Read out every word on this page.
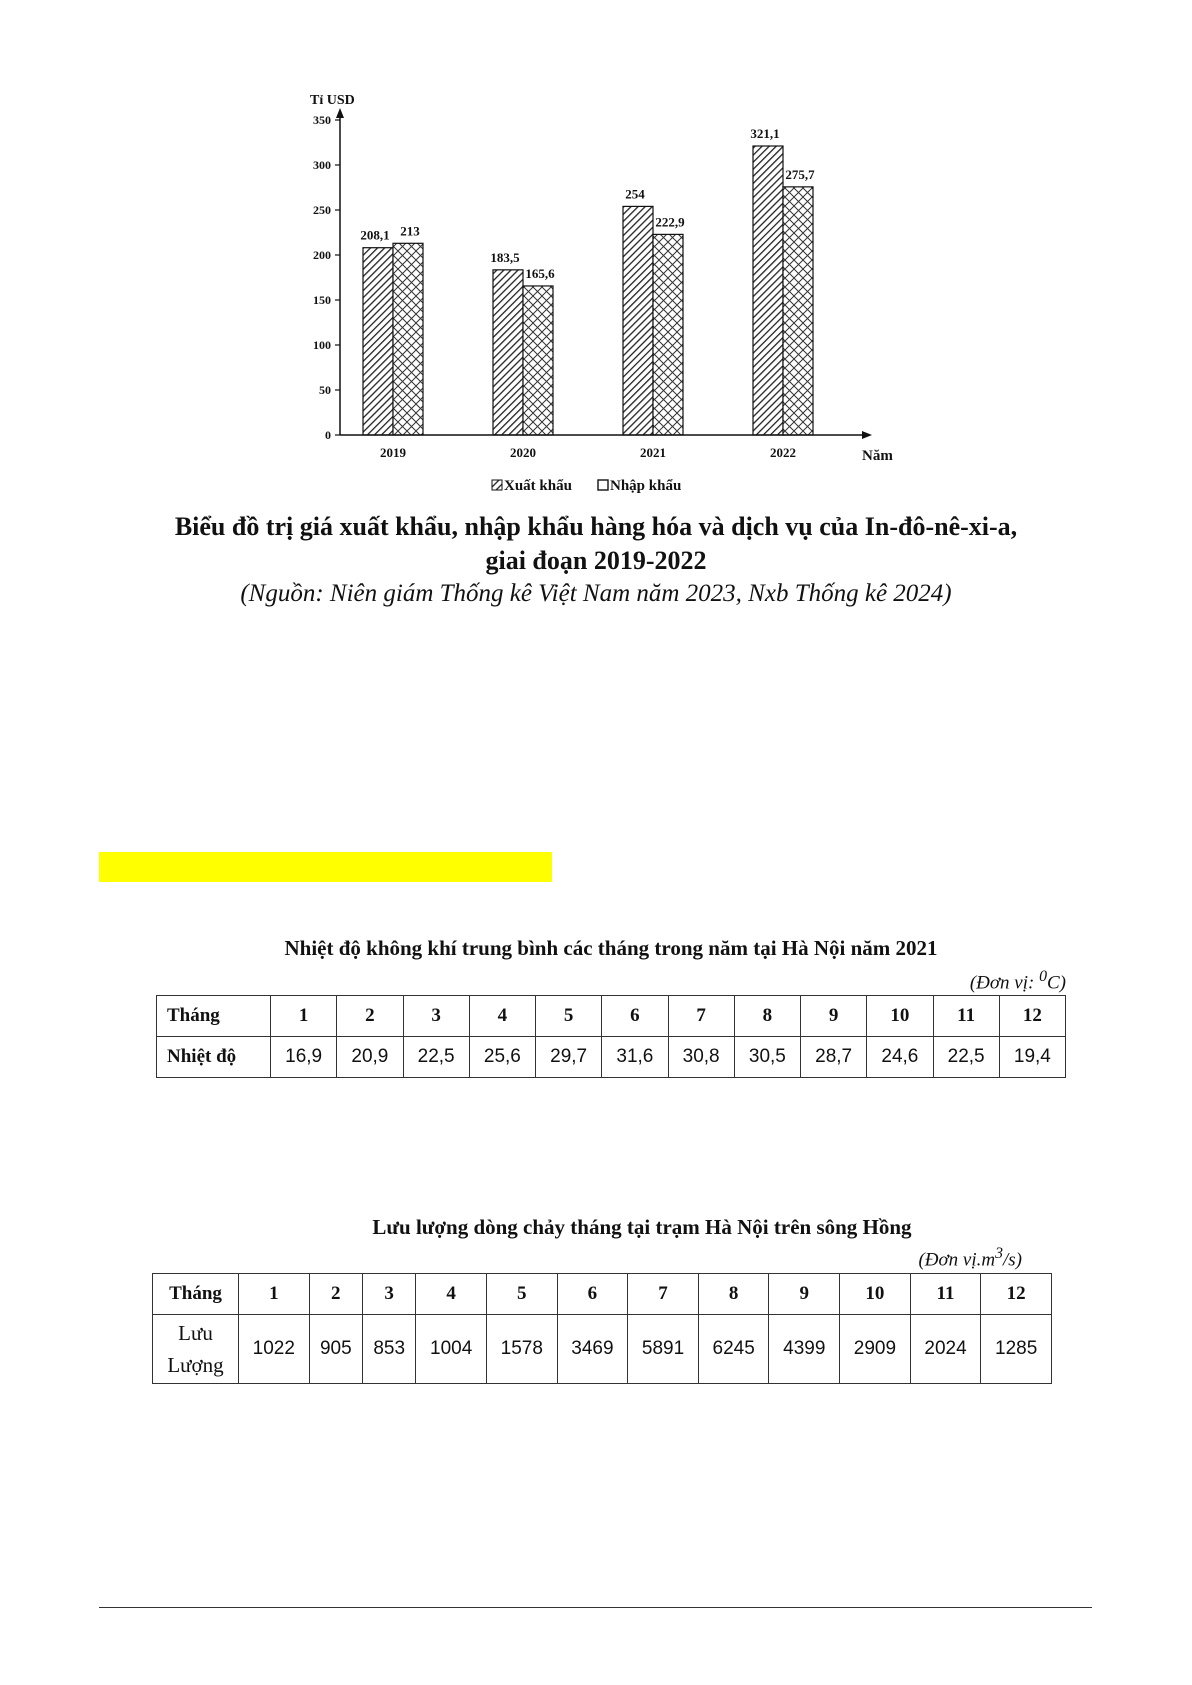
Tỉ USD
Năm
0
50
100
150
200
250
300
350
208,1 213
183,5
165,6
254
222,9
321,1
275,7
2019	2020	2021	2022
Xuất khẩu	Nhập khẩu
Biểu đồ trị giá xuất khẩu, nhập khẩu hàng hóa và dịch vụ của In-đô-nê-xi-a,
giai đoạn 2019-2022
(Nguồn: Niên giám Thống kê Việt Nam năm 2023, Nxb Thống kê 2024)
Nhiệt độ không khí trung bình các tháng trong năm tại Hà Nội năm 2021
(Đơn vị: $^0$C)
Tháng	1	2	3	4	5	6	7	8	9	10	11	12
Nhiệt độ	16,9	20,9	22,5	25,6	29,7	31,6	30,8	30,5	28,7	24,6	22,5	19,4
Lưu lượng dòng chảy tháng tại trạm Hà Nội trên sông Hồng
(Đơn $vị.m^3/s$)
Tháng	1	2	3	4	5	6	7	8	9	10	11	12

Lưu
Lượng	1022	905	853	1004	1578	3469	5891	6245	4399	2909	2024	1285
